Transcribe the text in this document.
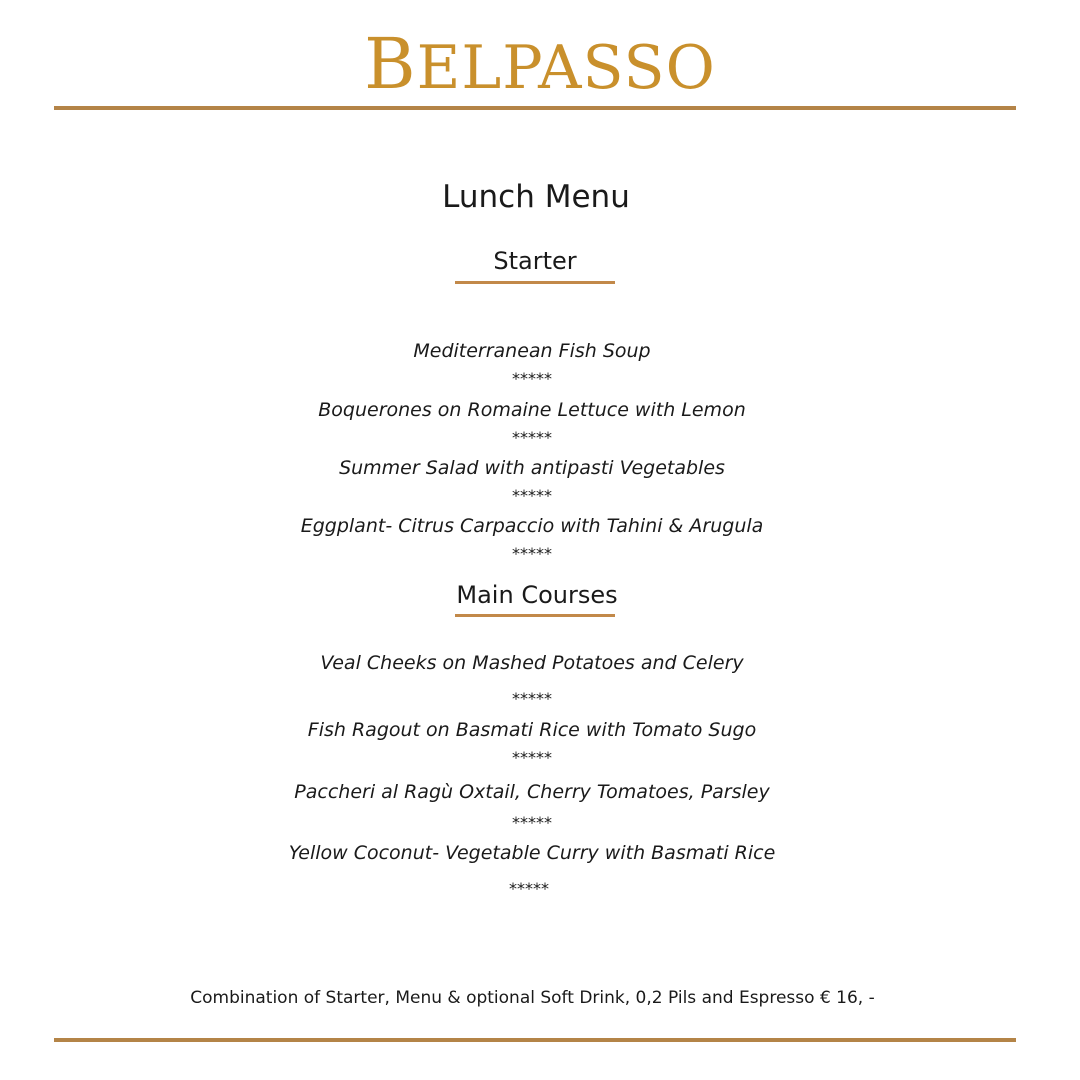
BELPASSO
Lunch Menu
Starter
Mediterranean Fish Soup
*****
Boquerones on Romaine Lettuce with Lemon
*****
Summer Salad with antipasti Vegetables
*****
Eggplant- Citrus Carpaccio with Tahini & Arugula
*****
Main Courses
Veal Cheeks on Mashed Potatoes and Celery
*****
Fish Ragout on Basmati Rice with Tomato Sugo
*****
Paccheri al Ragù Oxtail, Cherry Tomatoes, Parsley
*****
Yellow Coconut- Vegetable Curry with Basmati Rice
*****
Combination of Starter, Menu & optional Soft Drink, 0,2 Pils and Espresso € 16, -
